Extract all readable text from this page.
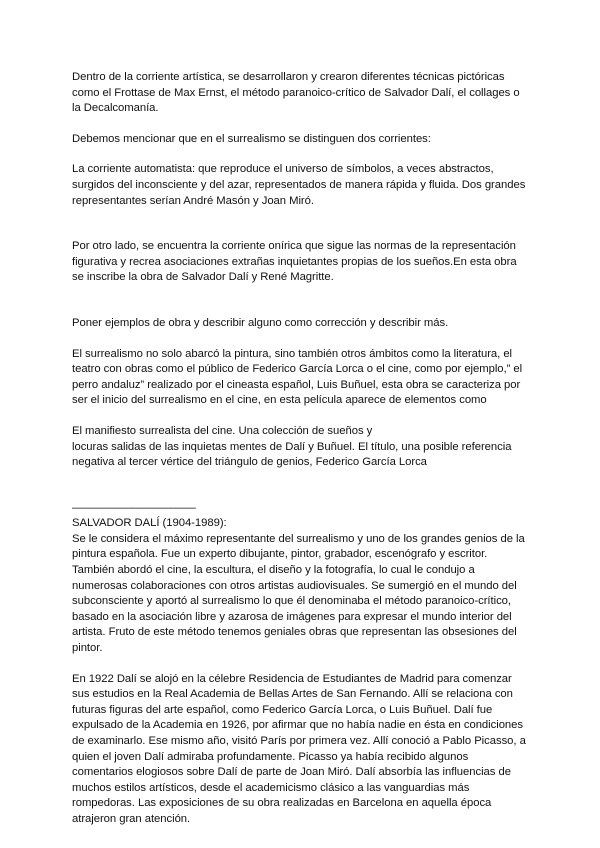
Dentro de la corriente artística, se desarrollaron y crearon diferentes técnicas pictóricas
como el Frottase de Max Ernst, el método paranoico-crítico de Salvador Dalí, el collages o
la Decalcomanía.

Debemos mencionar que en el surrealismo se distinguen dos corrientes:

La corriente automatista: que reproduce el universo de símbolos, a veces abstractos,
surgidos del inconsciente y del azar, representados de manera rápida y fluida. Dos grandes
representantes serían André Masón y Joan Miró.

Por otro lado, se encuentra la corriente onírica que sigue las normas de la representación
figurativa y recrea asociaciones extrañas inquietantes propias de los sueños.En esta obra
se inscribe la obra de Salvador Dalí y René Magritte.

Poner ejemplos de obra y describir alguno como corrección y describir más.

El surrealismo no solo abarcó la pintura, sino también otros ámbitos como la literatura, el
teatro con obras como el público de Federico García Lorca o el cine, como por ejemplo,” el
perro andaluz” realizado por el cineasta español, Luis Buñuel, esta obra se caracteriza por
ser el inicio del surrealismo en el cine, en esta película aparece de elementos como

El manifiesto surrealista del cine. Una colección de sueños y
locuras salidas de las inquietas mentes de Dalí y Buñuel. El título, una posible referencia
negativa al tercer vértice del triángulo de genios, Federico García Lorca

———————————

SALVADOR DALÍ (1904-1989):
Se le considera el máximo representante del surrealismo y uno de los grandes genios de la
pintura española. Fue un experto dibujante, pintor, grabador, escenógrafo y escritor.
También abordó el cine, la escultura, el diseño y la fotografía, lo cual le condujo a
numerosas colaboraciones con otros artistas audiovisuales. Se sumergió en el mundo del
subconsciente y aportó al surrealismo lo que él denominaba el método paranoico-crítico,
basado en la asociación libre y azarosa de imágenes para expresar el mundo interior del
artista. Fruto de este método tenemos geniales obras que representan las obsesiones del
pintor.

En 1922 Dalí se alojó en la célebre Residencia de Estudiantes de Madrid para comenzar
sus estudios en la Real Academia de Bellas Artes de San Fernando. Allí se relaciona con
futuras figuras del arte español, como Federico García Lorca, o Luis Buñuel. Dalí fue
expulsado de la Academia en 1926, por afirmar que no había nadie en ésta en condiciones
de examinarlo. Ese mismo año, visitó París por primera vez. Allí conoció a Pablo Picasso, a
quien el joven Dalí admiraba profundamente. Picasso ya había recibido algunos
comentarios elogiosos sobre Dalí de parte de Joan Miró. Dalí absorbía las influencias de
muchos estilos artísticos, desde el academicismo clásico a las vanguardias más
rompedoras. Las exposiciones de su obra realizadas en Barcelona en aquella época
atrajeron gran atención.
